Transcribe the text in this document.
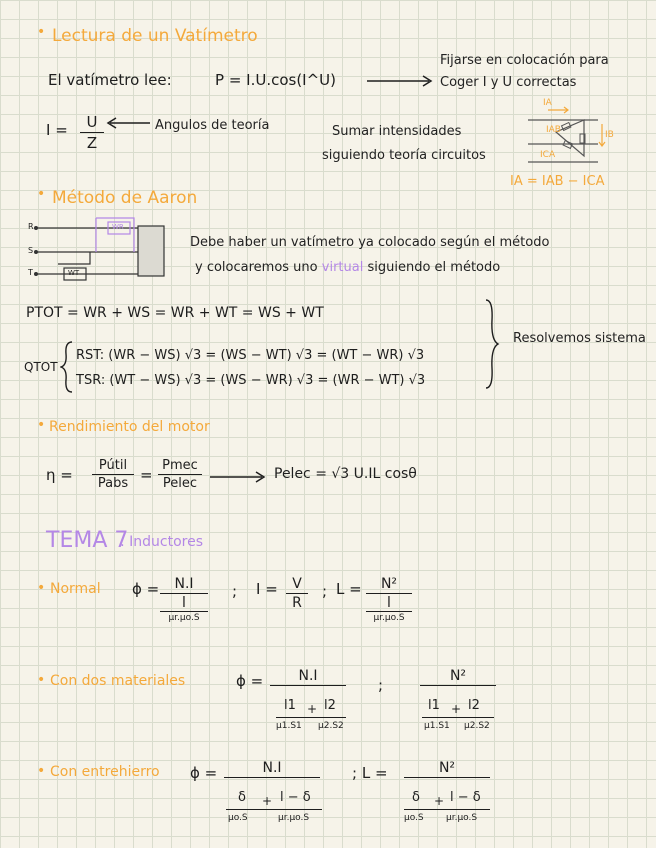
• Lectura de un Vatímetro
El vatímetro lee:	P = I.U.cos(I^U)
Fijarse en colocación para
Coger I y U correctas
$I = \frac{U}{Z}$	Angulos de teoría	Sumar intensidades
siguiendo teoría circuitos
IA
IAB
ICA
IB
IA = IAB − ICA
• Método de Aaron
R
S
T
WR
WT
Debe haber un vatímetro ya colocado según el método
y colocaremos uno virtual siguiendo el método
PTOT = WR + WS = WR + WT = WS + WT
QTOT
RST: (WR − WS) √3 = (WS − WT) √3 = (WT − WR) √3
TSR: (WT − WS) √3 = (WS − WR) √3 = (WR − WT) √3
Resolvemos sistema
• Rendimiento del motor
η =
Pútil
Pabs =
Pmec
Pelec
Pelec = √3 U.IL cosθ
TEMA 7
: Inductores
• Normal ϕ =	N.I
l
μr.μo.S
; $I = \frac{V}{R}$ ; L =	N²
l
μr.μo.S
• Con dos materiales	ϕ =	N.I
l1 + l2
μ1.S1 μ2.S2
;	N²
l1 + l2
μ1.S1 μ2.S2
• Con entrehierro ϕ =	N.I
δ + l − δ
μo.S	μr.μo.S
; L =	N²
δ + l − δ
μo.S μr.μo.S
